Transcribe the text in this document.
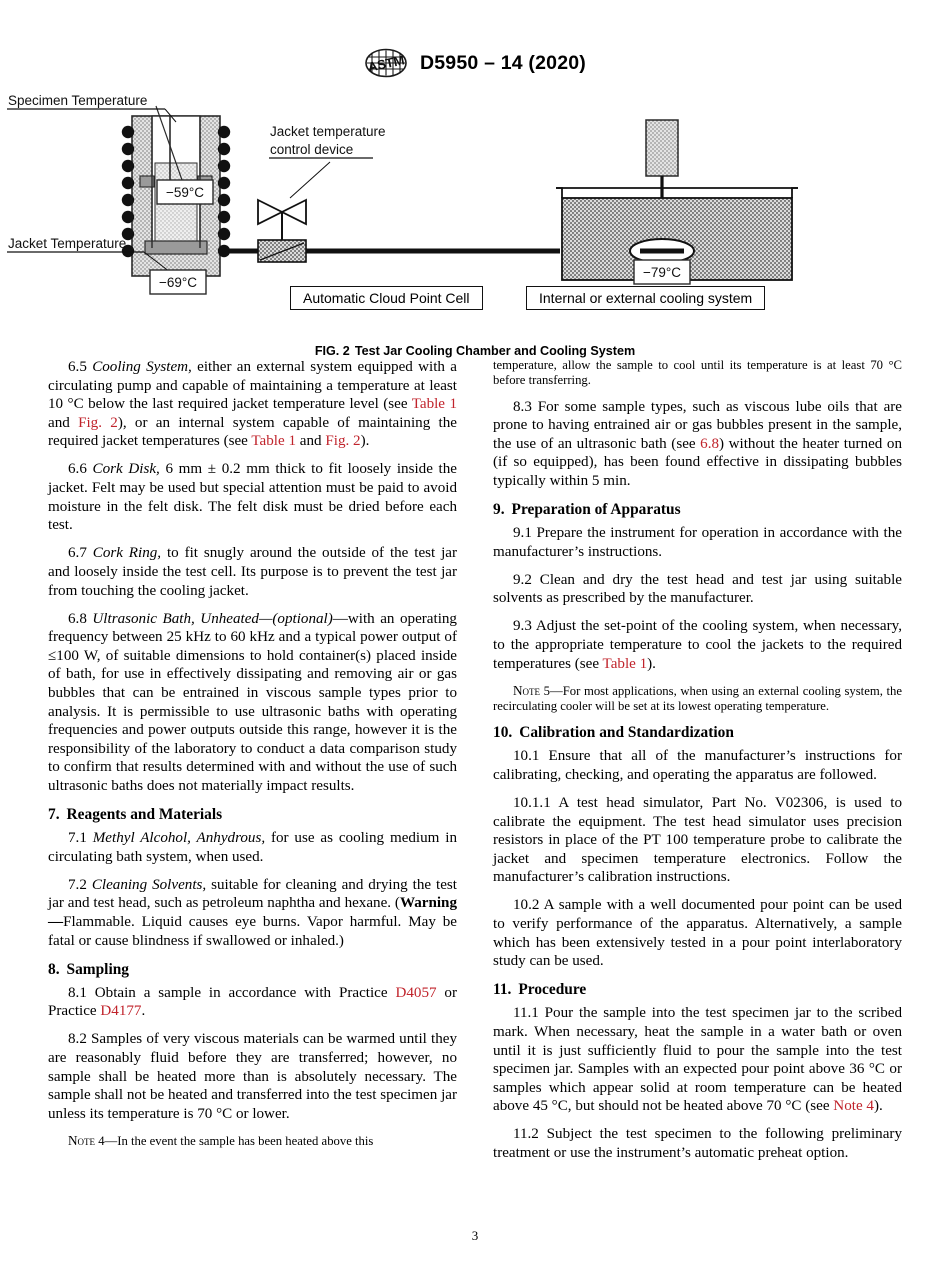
ASTM D5950 – 14 (2020)
Specimen Temperature
−59°C
Jacket Temperature
−69°C
Jacket temperature
control device
−79°C
Automatic Cloud Point Cell	Internal or external cooling system
FIG. 2 Test Jar Cooling Chamber and Cooling System

6.5 Cooling System, either an external system equipped with a circulating pump and capable of maintaining a temperature at least 10 °C below the last required jacket temperature level (see Table 1 and Fig. 2), or an internal system capable of maintaining the required jacket temperatures (see Table 1 and Fig. 2).

6.6 Cork Disk, 6 mm ± 0.2 mm thick to fit loosely inside the jacket. Felt may be used but special attention must be paid to avoid moisture in the felt disk. The felt disk must be dried before each test.

6.7 Cork Ring, to fit snugly around the outside of the test jar and loosely inside the test cell. Its purpose is to prevent the test jar from touching the cooling jacket.

6.8 Ultrasonic Bath, Unheated—(optional)—with an operating frequency between 25 kHz to 60 kHz and a typical power output of ≤100 W, of suitable dimensions to hold container(s) placed inside of bath, for use in effectively dissipating and removing air or gas bubbles that can be entrained in viscous sample types prior to analysis. It is permissible to use ultrasonic baths with operating frequencies and power outputs outside this range, however it is the responsibility of the laboratory to conduct a data comparison study to confirm that results determined with and without the use of such ultrasonic baths does not materially impact results.

7. Reagents and Materials

7.1 Methyl Alcohol, Anhydrous, for use as cooling medium in circulating bath system, when used.

7.2 Cleaning Solvents, suitable for cleaning and drying the test jar and test head, such as petroleum naphtha and hexane. (Warning—Flammable. Liquid causes eye burns. Vapor harmful. May be fatal or cause blindness if swallowed or inhaled.)

8. Sampling

8.1 Obtain a sample in accordance with Practice D4057 or Practice D4177.

8.2 Samples of very viscous materials can be warmed until they are reasonably fluid before they are transferred; however, no sample shall be heated more than is absolutely necessary. The sample shall not be heated and transferred into the test specimen jar unless its temperature is 70 °C or lower.

Note 4—In the event the sample has been heated above this

temperature, allow the sample to cool until its temperature is at least 70 °C before transferring.

8.3 For some sample types, such as viscous lube oils that are prone to having entrained air or gas bubbles present in the sample, the use of an ultrasonic bath (see 6.8) without the heater turned on (if so equipped), has been found effective in dissipating bubbles typically within 5 min.

9. Preparation of Apparatus

9.1 Prepare the instrument for operation in accordance with the manufacturer’s instructions.

9.2 Clean and dry the test head and test jar using suitable solvents as prescribed by the manufacturer.

9.3 Adjust the set-point of the cooling system, when necessary, to the appropriate temperature to cool the jackets to the required temperatures (see Table 1).

Note 5—For most applications, when using an external cooling system, the recirculating cooler will be set at its lowest operating temperature.

10. Calibration and Standardization

10.1 Ensure that all of the manufacturer’s instructions for calibrating, checking, and operating the apparatus are followed.

10.1.1 A test head simulator, Part No. V02306, is used to calibrate the equipment. The test head simulator uses precision resistors in place of the PT 100 temperature probe to calibrate the jacket and specimen temperature electronics. Follow the manufacturer’s calibration instructions.

10.2 A sample with a well documented pour point can be used to verify performance of the apparatus. Alternatively, a sample which has been extensively tested in a pour point interlaboratory study can be used.

11. Procedure

11.1 Pour the sample into the test specimen jar to the scribed mark. When necessary, heat the sample in a water bath or oven until it is just sufficiently fluid to pour the sample into the test specimen jar. Samples with an expected pour point above 36 °C or samples which appear solid at room temperature can be heated above 45 °C, but should not be heated above 70 °C (see Note 4).

11.2 Subject the test specimen to the following preliminary treatment or use the instrument’s automatic preheat option.

3
